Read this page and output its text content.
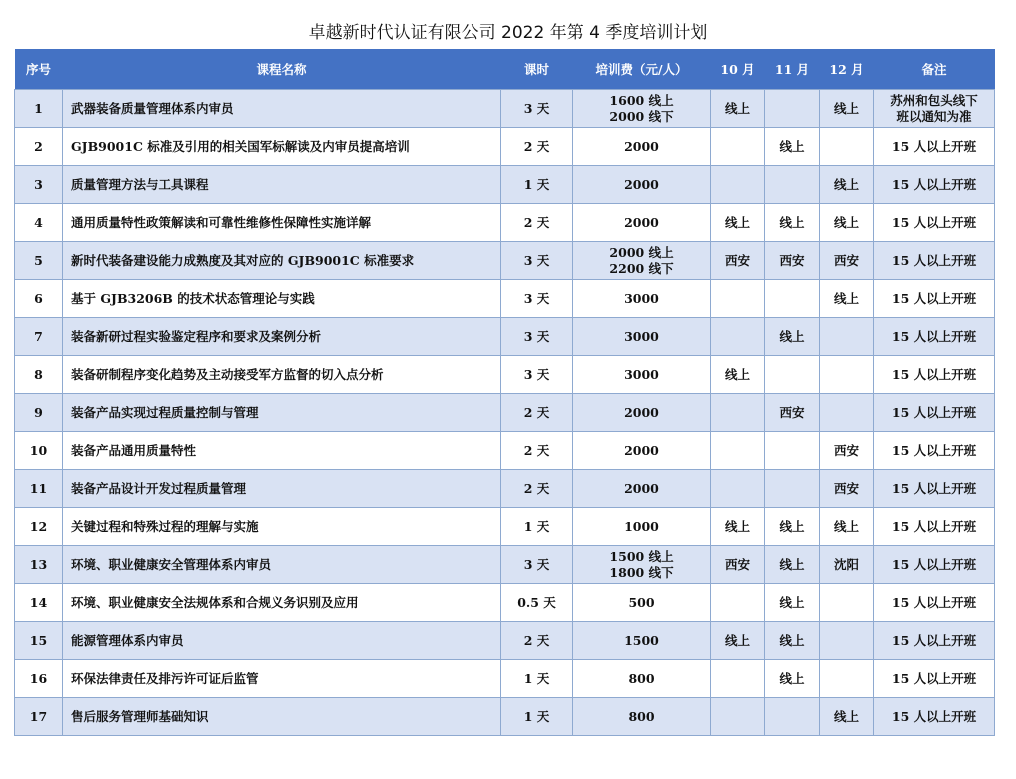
卓越新时代认证有限公司 2022 年第 4 季度培训计划
序号	课程名称	课时	培训费（元/人）	10 月	11 月	12 月	备注
1	武器装备质量管理体系内审员	3 天	1600 线上
2000 线下	线上		线上	苏州和包头线下
班以通知为准

2	GJB9001C 标准及引用的相关国军标解读及内审员提高培训	2 天	2000		线上		15 人以上开班

3	质量管理方法与工具课程	1 天	2000			线上	15 人以上开班

4	通用质量特性政策解读和可靠性维修性保障性实施详解	2 天	2000	线上	线上	线上	15 人以上开班

5	新时代装备建设能力成熟度及其对应的 GJB9001C 标准要求	3 天	2000 线上
2200 线下	西安	西安	西安	15 人以上开班

6	基于 GJB3206B 的技术状态管理论与实践	3 天	3000			线上	15 人以上开班

7	装备新研过程实验鉴定程序和要求及案例分析	3 天	3000		线上		15 人以上开班

8	装备研制程序变化趋势及主动接受军方监督的切入点分析	3 天	3000	线上			15 人以上开班

9	装备产品实现过程质量控制与管理	2 天	2000		西安		15 人以上开班

10	装备产品通用质量特性	2 天	2000			西安	15 人以上开班

11	装备产品设计开发过程质量管理	2 天	2000			西安	15 人以上开班

12	关键过程和特殊过程的理解与实施	1 天	1000	线上	线上	线上	15 人以上开班

13	环境、职业健康安全管理体系内审员	3 天	1500 线上
1800 线下	西安	线上	沈阳	15 人以上开班

14	环境、职业健康安全法规体系和合规义务识别及应用	0.5 天	500		线上		15 人以上开班

15	能源管理体系内审员	2 天	1500	线上	线上		15 人以上开班

16	环保法律责任及排污许可证后监管	1 天	800		线上		15 人以上开班

17	售后服务管理师基础知识	1 天	800			线上	15 人以上开班
